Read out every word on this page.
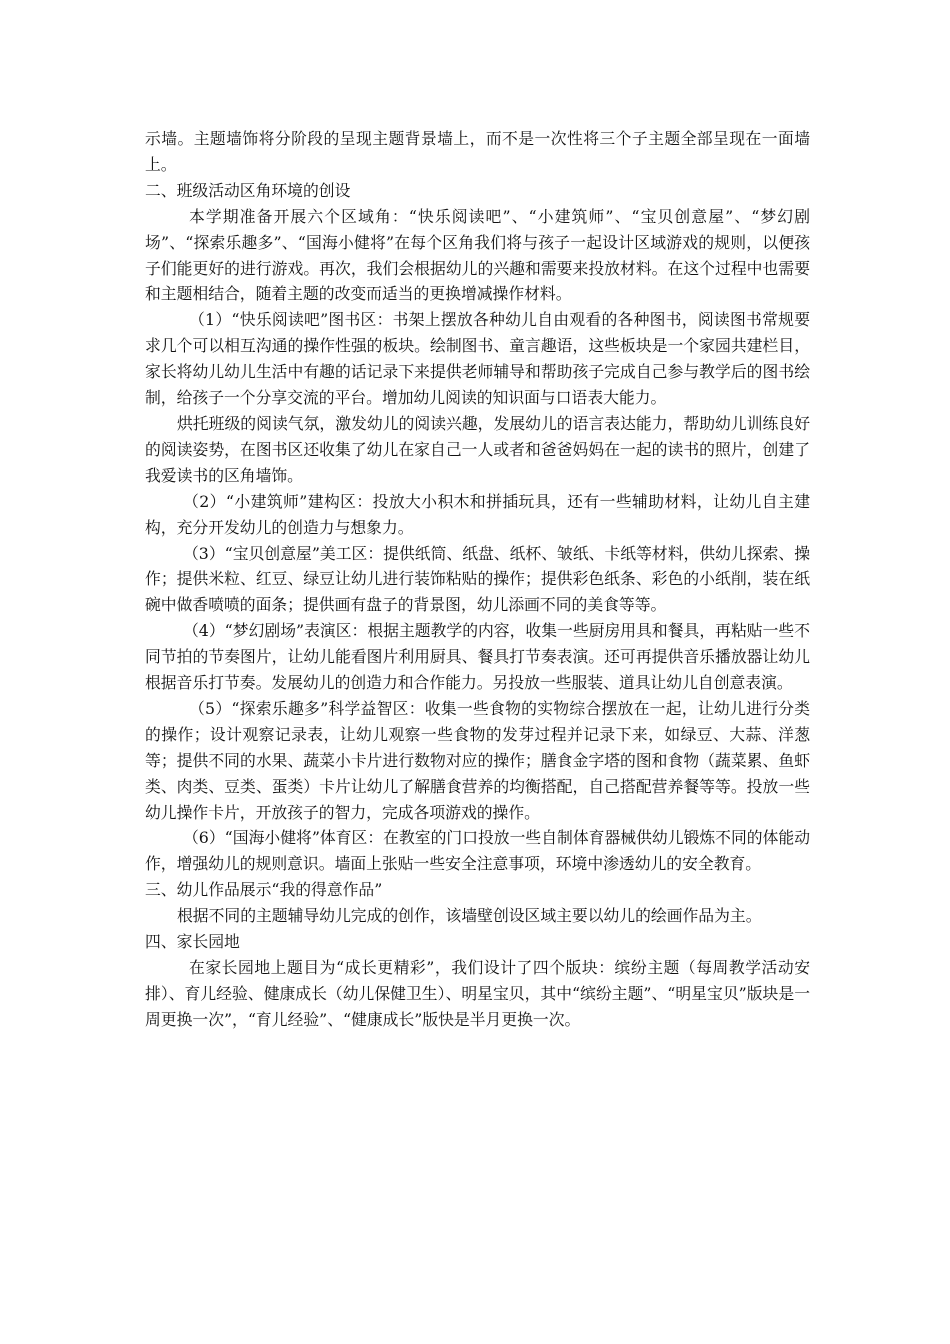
示墙。主题墙饰将分阶段的呈现主题背景墙上，而不是一次性将三个子主题全部呈现在一面墙上。

二、班级活动区角环境的创设

本学期准备开展六个区域角：“快乐阅读吧”、“小建筑师”、“宝贝创意屋”、“梦幻剧场”、“探索乐趣多”、“国海小健将”在每个区角我们将与孩子一起设计区域游戏的规则，以便孩子们能更好的进行游戏。再次，我们会根据幼儿的兴趣和需要来投放材料。在这个过程中也需要和主题相结合，随着主题的改变而适当的更换增减操作材料。

（1）“快乐阅读吧”图书区：书架上摆放各种幼儿自由观看的各种图书，阅读图书常规要求几个可以相互沟通的操作性强的板块。绘制图书、童言趣语，这些板块是一个家园共建栏目，家长将幼儿幼儿生活中有趣的话记录下来提供老师辅导和帮助孩子完成自己参与教学后的图书绘制，给孩子一个分享交流的平台。增加幼儿阅读的知识面与口语表大能力。

烘托班级的阅读气氛，激发幼儿的阅读兴趣，发展幼儿的语言表达能力，帮助幼儿训练良好的阅读姿势，在图书区还收集了幼儿在家自己一人或者和爸爸妈妈在一起的读书的照片，创建了我爱读书的区角墙饰。

（2）“小建筑师”建构区：投放大小积木和拼插玩具，还有一些辅助材料，让幼儿自主建构，充分开发幼儿的创造力与想象力。

（3）“宝贝创意屋”美工区：提供纸筒、纸盘、纸杯、皱纸、卡纸等材料，供幼儿探索、操作；提供米粒、红豆、绿豆让幼儿进行装饰粘贴的操作；提供彩色纸条、彩色的小纸削，装在纸碗中做香喷喷的面条；提供画有盘子的背景图，幼儿添画不同的美食等等。

（4）“梦幻剧场”表演区：根据主题教学的内容，收集一些厨房用具和餐具，再粘贴一些不同节拍的节奏图片，让幼儿能看图片利用厨具、餐具打节奏表演。还可再提供音乐播放器让幼儿根据音乐打节奏。发展幼儿的创造力和合作能力。另投放一些服装、道具让幼儿自创意表演。

（5）“探索乐趣多”科学益智区：收集一些食物的实物综合摆放在一起，让幼儿进行分类的操作；设计观察记录表，让幼儿观察一些食物的发芽过程并记录下来，如绿豆、大蒜、洋葱等；提供不同的水果、蔬菜小卡片进行数物对应的操作；膳食金字塔的图和食物（蔬菜累、鱼虾类、肉类、豆类、蛋类）卡片让幼儿了解膳食营养的均衡搭配，自己搭配营养餐等等。投放一些幼儿操作卡片，开放孩子的智力，完成各项游戏的操作。

（6）“国海小健将”体育区：在教室的门口投放一些自制体育器械供幼儿锻炼不同的体能动作，增强幼儿的规则意识。墙面上张贴一些安全注意事项，环境中渗透幼儿的安全教育。

三、幼儿作品展示“我的得意作品”

根据不同的主题辅导幼儿完成的创作，该墙壁创设区域主要以幼儿的绘画作品为主。

四、家长园地

在家长园地上题目为“成长更精彩”，我们设计了四个版块：缤纷主题（每周教学活动安排）、育儿经验、健康成长（幼儿保健卫生）、明星宝贝，其中“缤纷主题”、“明星宝贝”版块是一周更换一次”，“育儿经验”、“健康成长”版快是半月更换一次。
